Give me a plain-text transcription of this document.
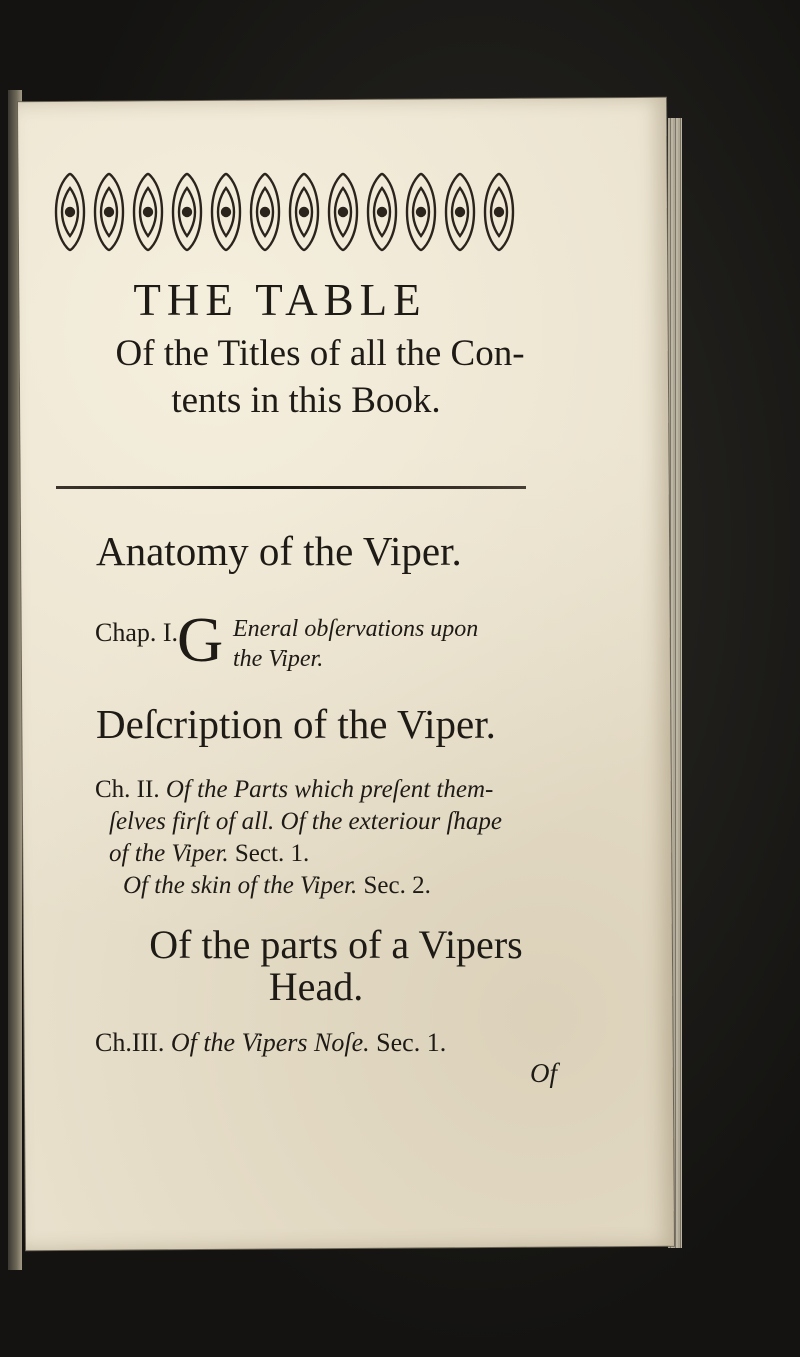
THE TABLE
Of the Titles of all the Con-
tents in this Book.
Anatomy of the Viper.
Chap. I.
G Eneral obſervations upon
the Viper.
Deſcription of the Viper.
Ch. II. Of the Parts which preſent them-
ſelves firſt of all. Of the exteriour ſhape
of the Viper. Sect. 1.
Of the skin of the Viper. Sec. 2.
Of the parts of a Vipers
Head.
Ch.III. Of the Vipers Noſe. Sec. 1.
Of
